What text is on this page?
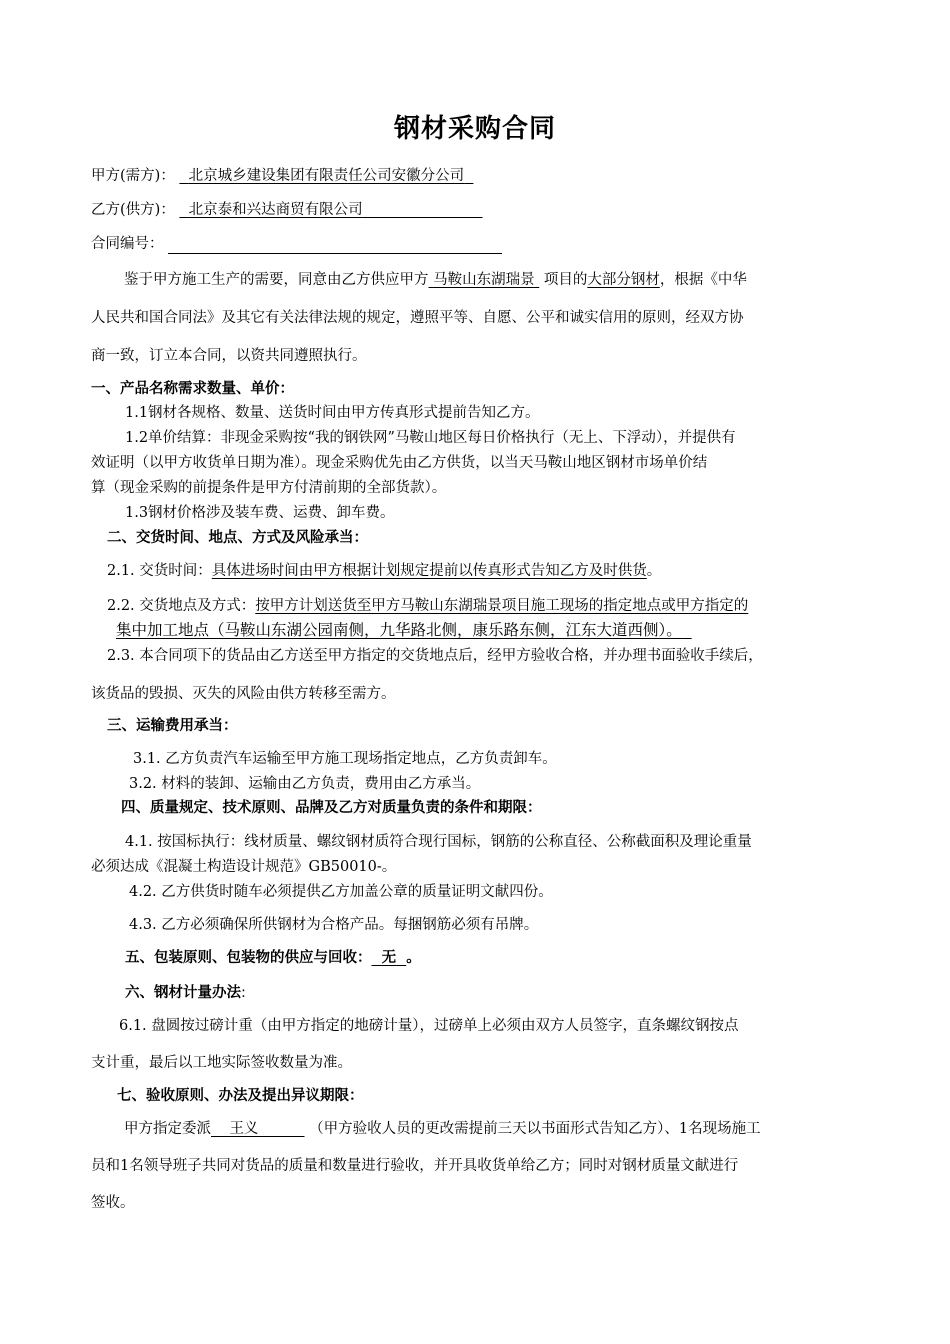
钢材采购合同
甲方(需方)： 北京城乡建设集团有限责任公司安徽分公司
乙方(供方)： 北京泰和兴达商贸有限公司
合同编号：
鉴于甲方施工生产的需要，同意由乙方供应甲方 马鞍山东湖瑞景 项目的大部分钢材，根据《中华
人民共和国合同法》及其它有关法律法规的规定，遵照平等、自愿、公平和诚实信用的原则，经双方协
商一致，订立本合同，以资共同遵照执行。
一、产品名称需求数量、单价：
1.1钢材各规格、数量、送货时间由甲方传真形式提前告知乙方。
1.2单价结算：非现金采购按“我的钢铁网”马鞍山地区每日价格执行（无上、下浮动），并提供有
效证明（以甲方收货单日期为准）。现金采购优先由乙方供货，以当天马鞍山地区钢材市场单价结
算（现金采购的前提条件是甲方付清前期的全部货款）。
1.3钢材价格涉及装车费、运费、卸车费。
二、交货时间、地点、方式及风险承当：
2.1. 交货时间：具体进场时间由甲方根据计划规定提前以传真形式告知乙方及时供货。
2.2. 交货地点及方式：按甲方计划送货至甲方马鞍山东湖瑞景项目施工现场的指定地点或甲方指定的
集中加工地点（马鞍山东湖公园南侧，九华路北侧，康乐路东侧，江东大道西侧）。
2.3. 本合同项下的货品由乙方送至甲方指定的交货地点后，经甲方验收合格，并办理书面验收手续后，
该货品的毁损、灭失的风险由供方转移至需方。
三、运输费用承当：
3.1. 乙方负责汽车运输至甲方施工现场指定地点，乙方负责卸车。
3.2. 材料的装卸、运输由乙方负责，费用由乙方承当。
四、质量规定、技术原则、品牌及乙方对质量负责的条件和期限：
4.1. 按国标执行：线材质量、螺纹钢材质符合现行国标，钢筋的公称直径、公称截面积及理论重量
必须达成《混凝土构造设计规范》GB50010-。
4.2. 乙方供货时随车必须提供乙方加盖公章的质量证明文献四份。
4.3. 乙方必须确保所供钢材为合格产品。每捆钢筋必须有吊牌。
五、包装原则、包装物的供应与回收： 无 。
六、钢材计量办法:
6.1. 盘圆按过磅计重（由甲方指定的地磅计量），过磅单上必须由双方人员签字，直条螺纹钢按点
支计重，最后以工地实际签收数量为准。
七、验收原则、办法及提出异议期限：
甲方指定委派 王义	（甲方验收人员的更改需提前三天以书面形式告知乙方）、1名现场施工
员和1名领导班子共同对货品的质量和数量进行验收，并开具收货单给乙方；同时对钢材质量文献进行
签收。
